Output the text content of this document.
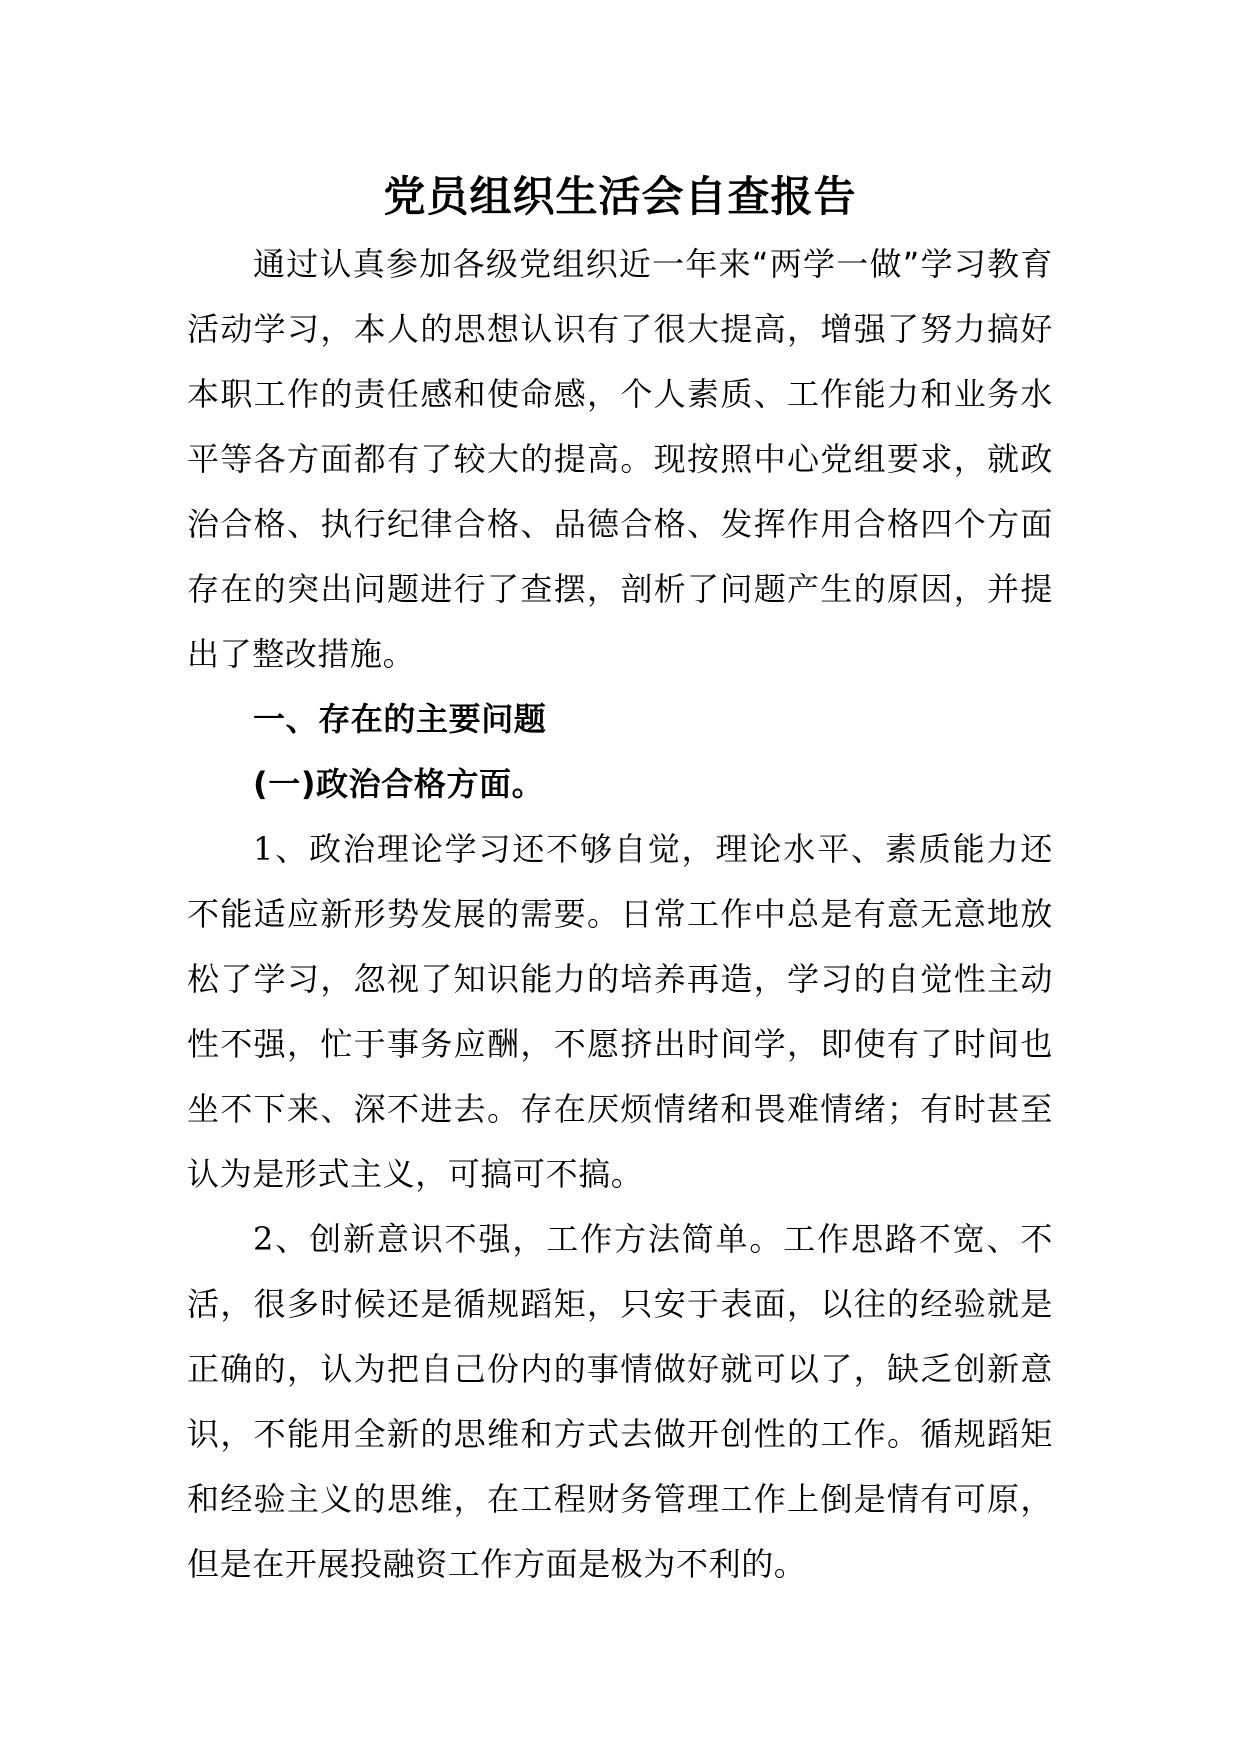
党员组织生活会自查报告

通过认真参加各级党组织近一年来“两学一做”学习教育活动学习，本人的思想认识有了很大提高，增强了努力搞好本职工作的责任感和使命感，个人素质、工作能力和业务水平等各方面都有了较大的提高。现按照中心党组要求，就政治合格、执行纪律合格、品德合格、发挥作用合格四个方面存在的突出问题进行了查摆，剖析了问题产生的原因，并提出了整改措施。

一、存在的主要问题

(一)政治合格方面。

1、政治理论学习还不够自觉，理论水平、素质能力还不能适应新形势发展的需要。日常工作中总是有意无意地放松了学习，忽视了知识能力的培养再造，学习的自觉性主动性不强，忙于事务应酬，不愿挤出时间学，即使有了时间也坐不下来、深不进去。存在厌烦情绪和畏难情绪；有时甚至认为是形式主义，可搞可不搞。

2、创新意识不强，工作方法简单。工作思路不宽、不活，很多时候还是循规蹈矩，只安于表面，以往的经验就是正确的，认为把自己份内的事情做好就可以了，缺乏创新意识，不能用全新的思维和方式去做开创性的工作。循规蹈矩和经验主义的思维，在工程财务管理工作上倒是情有可原，但是在开展投融资工作方面是极为不利的。
